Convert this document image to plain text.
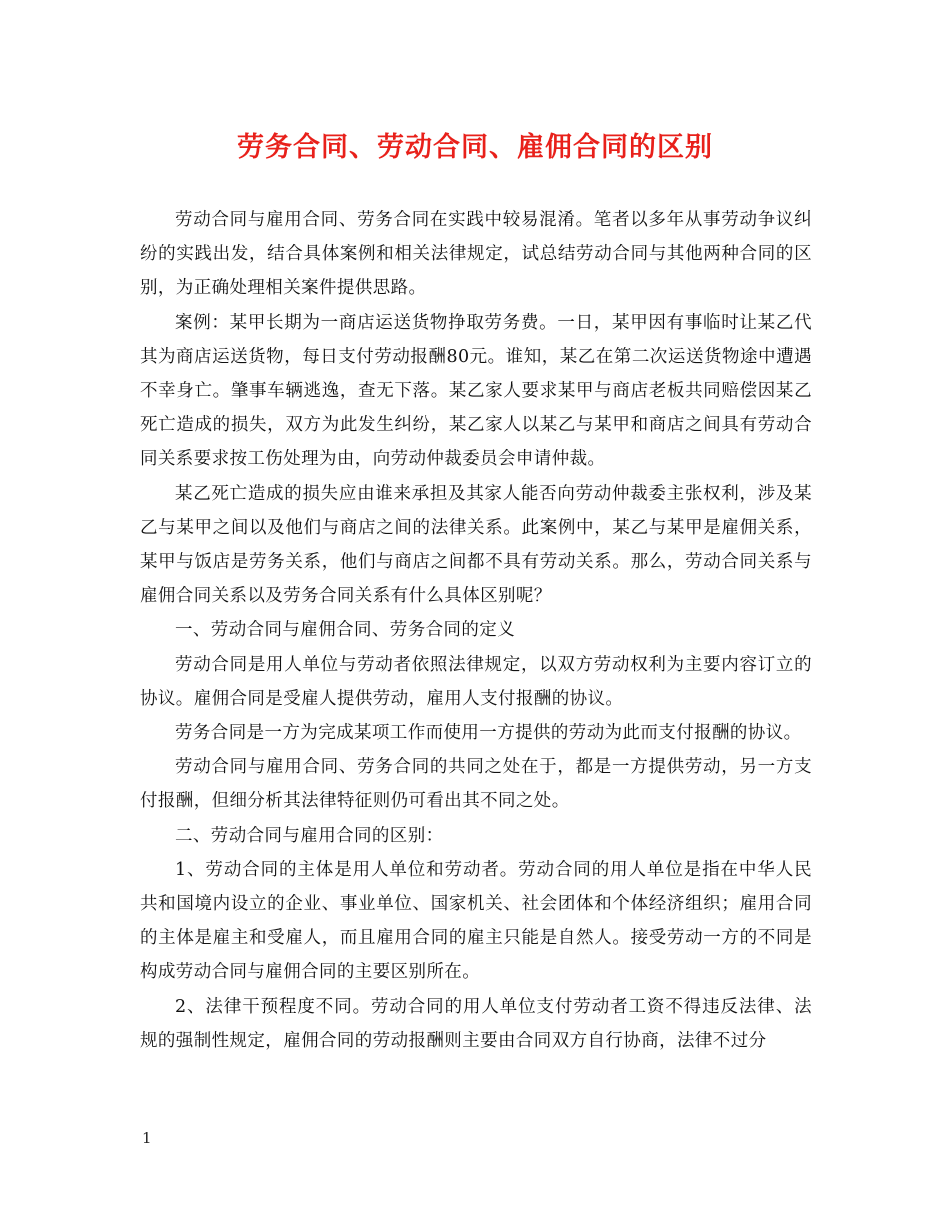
劳务合同、劳动合同、雇佣合同的区别

劳动合同与雇用合同、劳务合同在实践中较易混淆。笔者以多年从事劳动争议纠纷的实践出发，结合具体案例和相关法律规定，试总结劳动合同与其他两种合同的区别，为正确处理相关案件提供思路。

案例：某甲长期为一商店运送货物挣取劳务费。一日，某甲因有事临时让某乙代其为商店运送货物，每日支付劳动报酬80元。谁知，某乙在第二次运送货物途中遭遇不幸身亡。肇事车辆逃逸，查无下落。某乙家人要求某甲与商店老板共同赔偿因某乙死亡造成的损失，双方为此发生纠纷，某乙家人以某乙与某甲和商店之间具有劳动合同关系要求按工伤处理为由，向劳动仲裁委员会申请仲裁。

某乙死亡造成的损失应由谁来承担及其家人能否向劳动仲裁委主张权利，涉及某乙与某甲之间以及他们与商店之间的法律关系。此案例中，某乙与某甲是雇佣关系，某甲与饭店是劳务关系，他们与商店之间都不具有劳动关系。那么，劳动合同关系与雇佣合同关系以及劳务合同关系有什么具体区别呢？

一、劳动合同与雇佣合同、劳务合同的定义

劳动合同是用人单位与劳动者依照法律规定，以双方劳动权利为主要内容订立的协议。雇佣合同是受雇人提供劳动，雇用人支付报酬的协议。

劳务合同是一方为完成某项工作而使用一方提供的劳动为此而支付报酬的协议。

劳动合同与雇用合同、劳务合同的共同之处在于，都是一方提供劳动，另一方支付报酬，但细分析其法律特征则仍可看出其不同之处。

二、劳动合同与雇用合同的区别：

1、劳动合同的主体是用人单位和劳动者。劳动合同的用人单位是指在中华人民共和国境内设立的企业、事业单位、国家机关、社会团体和个体经济组织；雇用合同的主体是雇主和受雇人，而且雇用合同的雇主只能是自然人。接受劳动一方的不同是构成劳动合同与雇佣合同的主要区别所在。

2、法律干预程度不同。劳动合同的用人单位支付劳动者工资不得违反法律、法规的强制性规定，雇佣合同的劳动报酬则主要由合同双方自行协商，法律不过分

1
